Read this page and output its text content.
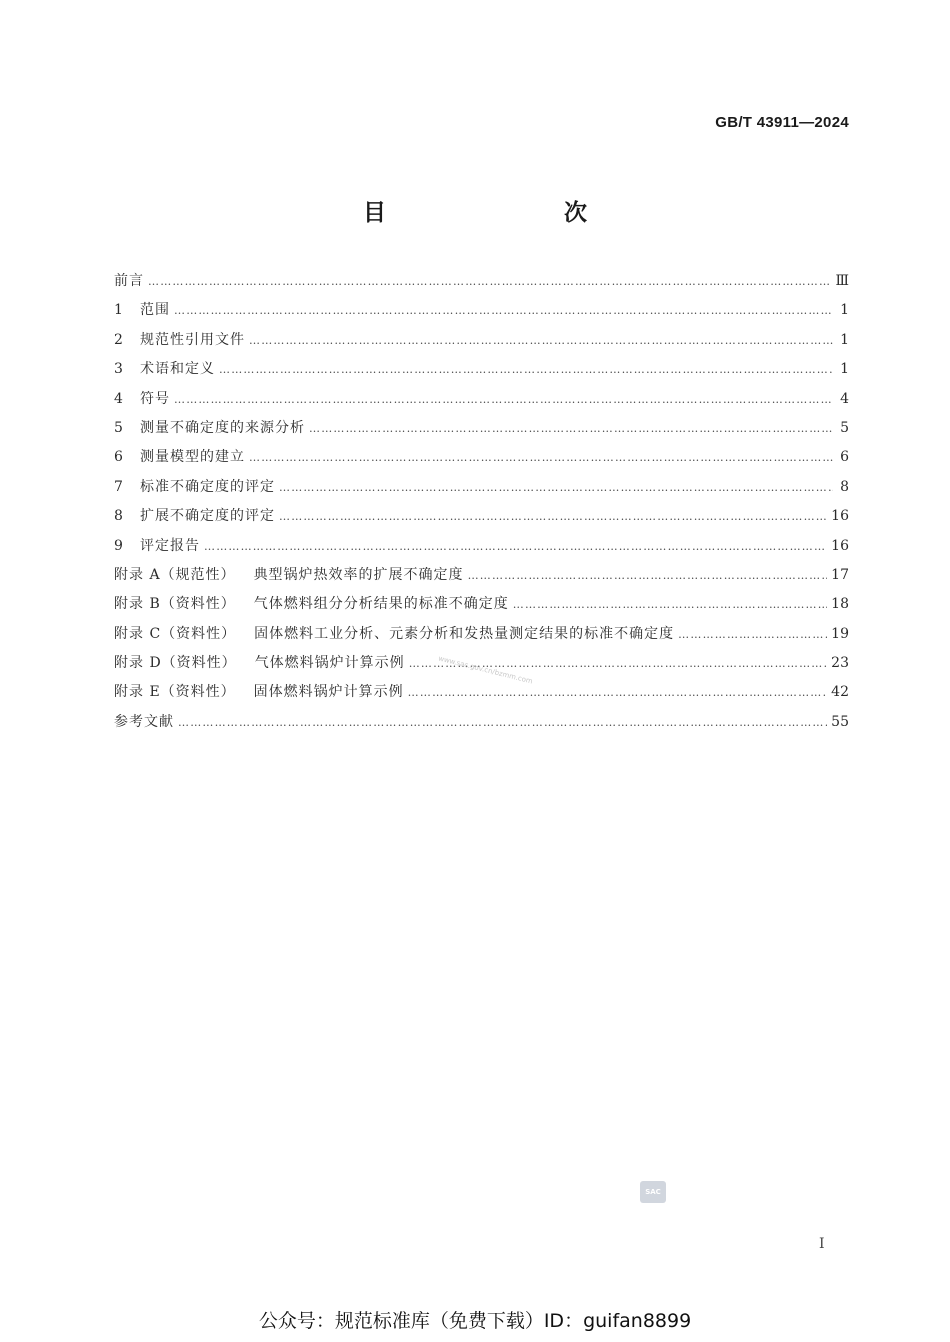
GB/T 43911—2024
目　　次
前言 …………………………………………………………………………………………………………………………………………………………………………………………………………………………	Ⅲ
1	范围 …………………………………………………………………………………………………………………………………………………………………………………………………………………………	1
2	规范性引用文件 …………………………………………………………………………………………………………………………………………………………………………………………………………………………	1
3	术语和定义 …………………………………………………………………………………………………………………………………………………………………………………………………………………………	1
4	符号 …………………………………………………………………………………………………………………………………………………………………………………………………………………………	4
5	测量不确定度的来源分析 …………………………………………………………………………………………………………………………………………………………………………………………………………………………	5
6	测量模型的建立 …………………………………………………………………………………………………………………………………………………………………………………………………………………………	6
7	标准不确定度的评定 …………………………………………………………………………………………………………………………………………………………………………………………………………………………	8
8	扩展不确定度的评定 …………………………………………………………………………………………………………………………………………………………………………………………………………………………	16
9	评定报告 …………………………………………………………………………………………………………………………………………………………………………………………………………………………	16
附录 A（规范性） 典型锅炉热效率的扩展不确定度 …………………………………………………………………………………………………………………………………………………………………………………………………………………………	17
附录 B（资料性） 气体燃料组分分析结果的标准不确定度 …………………………………………………………………………………………………………………………………………………………………………………………………………………………	18
附录 C（资料性） 固体燃料工业分析、元素分析和发热量测定结果的标准不确定度 …………………………………………………………………………………………………………………………………………………………………………………………………………………………	19
附录 D（资料性） 气体燃料锅炉计算示例 …………………………………………………………………………………………………………………………………………………………………………………………………………………………	23
附录 E（资料性） 固体燃料锅炉计算示例 …………………………………………………………………………………………………………………………………………………………………………………………………………………………	42
参考文献 …………………………………………………………………………………………………………………………………………………………………………………………………………………………	55
www.sac.gov.cn/bzmm.com
SAC
Ⅰ
公众号：规范标准库（免费下载）ID：guifan8899
